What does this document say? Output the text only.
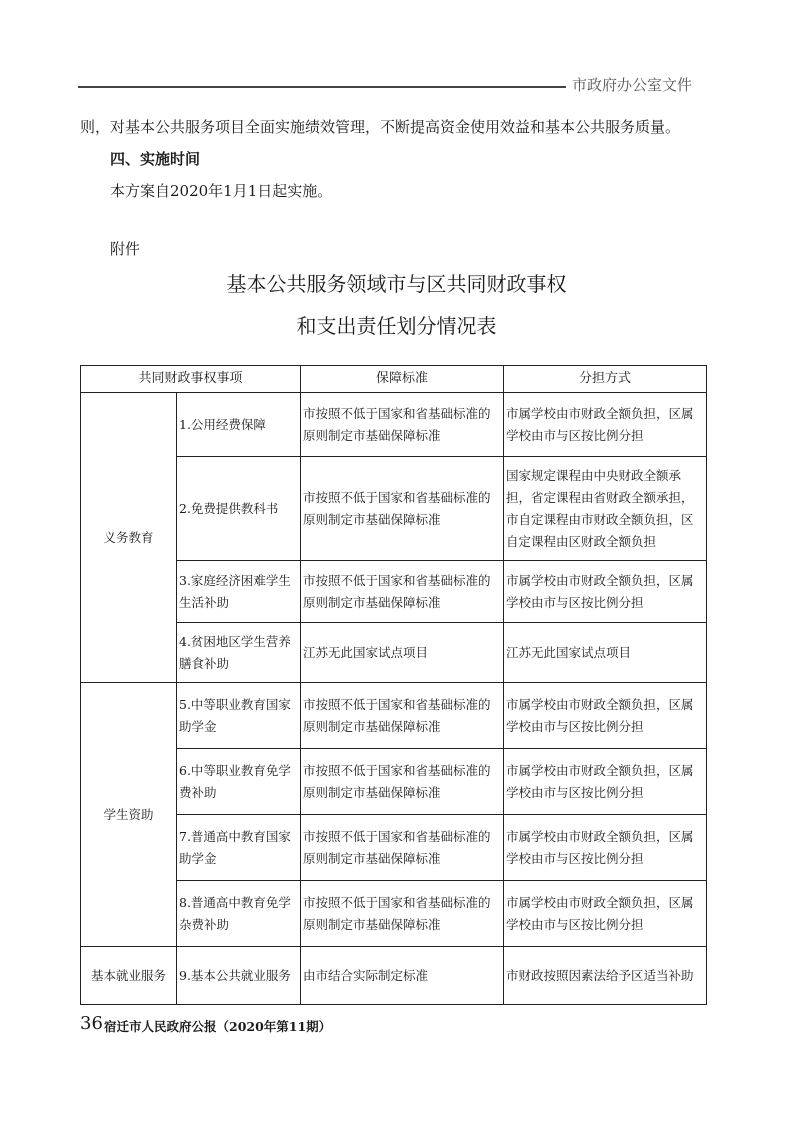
市政府办公室文件
则，对基本公共服务项目全面实施绩效管理，不断提高资金使用效益和基本公共服务质量。
四、实施时间
本方案自2020年1月1日起实施。
附件
基本公共服务领域市与区共同财政事权
和支出责任划分情况表
共同财政事权事项		保障标准	分担方式

义务教育	1.公用经费保障	市按照不低于国家和省基础标准的原则制定市基础保障标准	市属学校由市财政全额负担，区属学校由市与区按比例分担

	2.免费提供教科书	市按照不低于国家和省基础标准的原则制定市基础保障标准	国家规定课程由中央财政全额承担，省定课程由省财政全额承担，市自定课程由市财政全额负担，区自定课程由区财政全额负担

	3.家庭经济困难学生生活补助	市按照不低于国家和省基础标准的原则制定市基础保障标准	市属学校由市财政全额负担，区属学校由市与区按比例分担

	4.贫困地区学生营养膳食补助	江苏无此国家试点项目	江苏无此国家试点项目

学生资助	5.中等职业教育国家助学金	市按照不低于国家和省基础标准的原则制定市基础保障标准	市属学校由市财政全额负担，区属学校由市与区按比例分担

	6.中等职业教育免学费补助	市按照不低于国家和省基础标准的原则制定市基础保障标准	市属学校由市财政全额负担，区属学校由市与区按比例分担

	7.普通高中教育国家助学金	市按照不低于国家和省基础标准的原则制定市基础保障标准	市属学校由市财政全额负担，区属学校由市与区按比例分担

	8.普通高中教育免学杂费补助	市按照不低于国家和省基础标准的原则制定市基础保障标准	市属学校由市财政全额负担，区属学校由市与区按比例分担

基本就业服务	9.基本公共就业服务	由市结合实际制定标准	市财政按照因素法给予区适当补助
36 宿迁市人民政府公报（2020年第11期）
